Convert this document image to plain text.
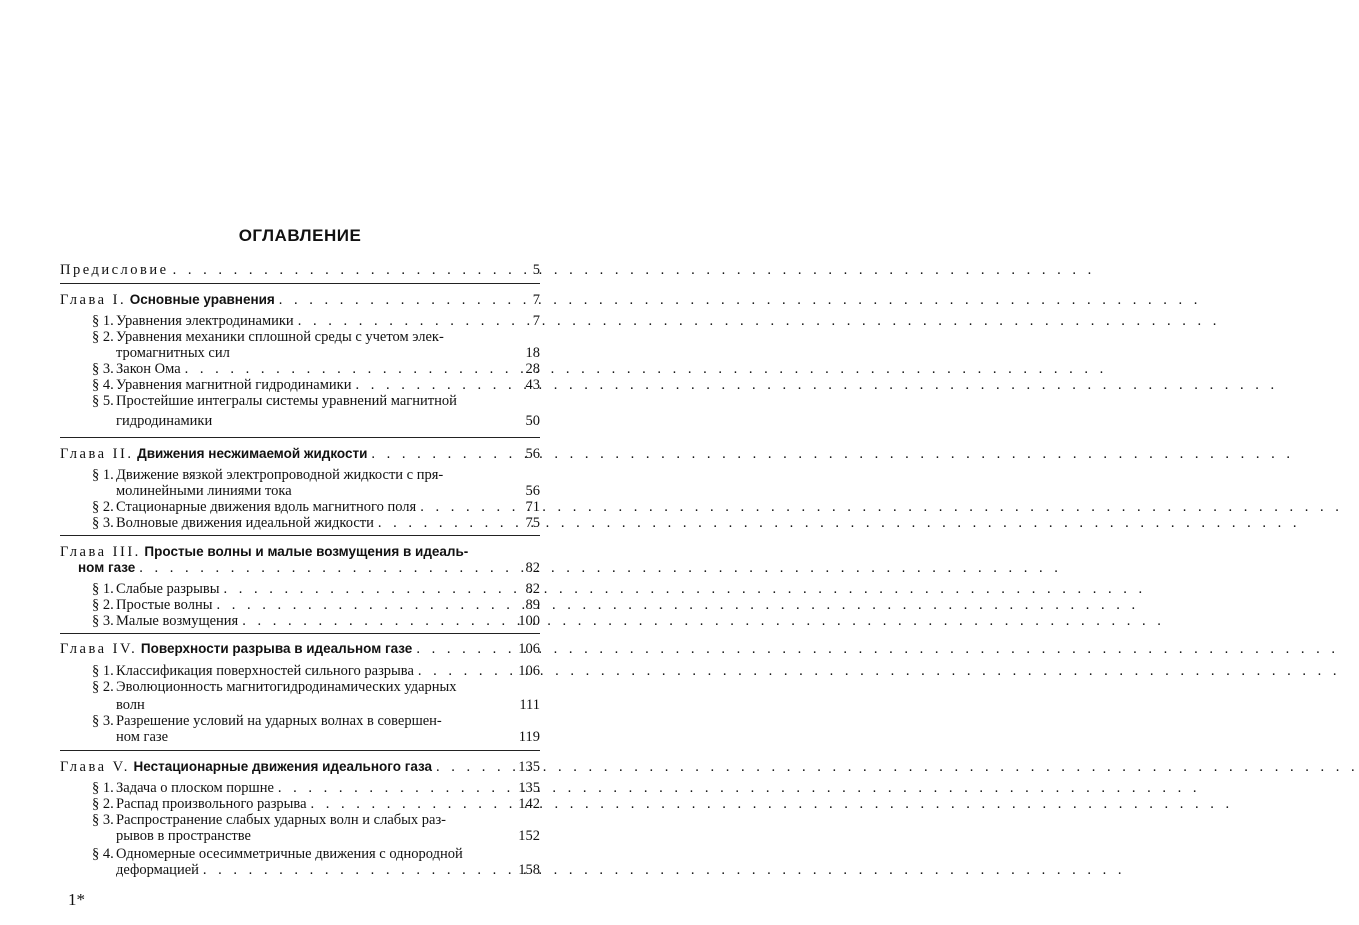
ОГЛАВЛЕНИЕ
Предисловие . . .	5
Глава I. Основные уравнения . . .	7
§ 1. Уравнения электродинамики . . .	7
§ 2. Уравнения механики сплошной среды с учетом элек-
тромагнитных сил	18
§ 3. Закон Ома . . .	28
§ 4. Уравнения магнитной гидродинамики . . .	43
§ 5. Простейшие интегралы системы уравнений магнитной
гидродинамики	50
Глава II. Движения несжимаемой жидкости . . .	56
§ 1. Движение вязкой электропроводной жидкости с пря-
молинейными линиями тока	56
§ 2. Стационарные движения вдоль магнитного поля . . .	71
§ 3. Волновые движения идеальной жидкости . . .	75
Глава III. Простые волны и малые возмущения в идеаль-
ном газе . . .	82
§ 1. Слабые разрывы . . .	82
§ 2. Простые волны . . .	89
§ 3. Малые возмущения . . .	100
Глава IV. Поверхности разрыва в идеальном газе . . .	106
§ 1. Классификация поверхностей сильного разрыва . . .	106
§ 2. Эволюционность магнитогидродинамических ударных
волн	111
§ 3. Разрешение условий на ударных волнах в совершен-
ном газе	119
Глава V. Нестационарные движения идеального газа . . .	135
§ 1. Задача о плоском поршне . . .	135
§ 2. Распад произвольного разрыва . . .	142
§ 3. Распространение слабых ударных волн и слабых раз-
рывов в пространстве	152
§ 4. Одномерные осесимметричные движения с однородной
деформацией . . .	158
1*
